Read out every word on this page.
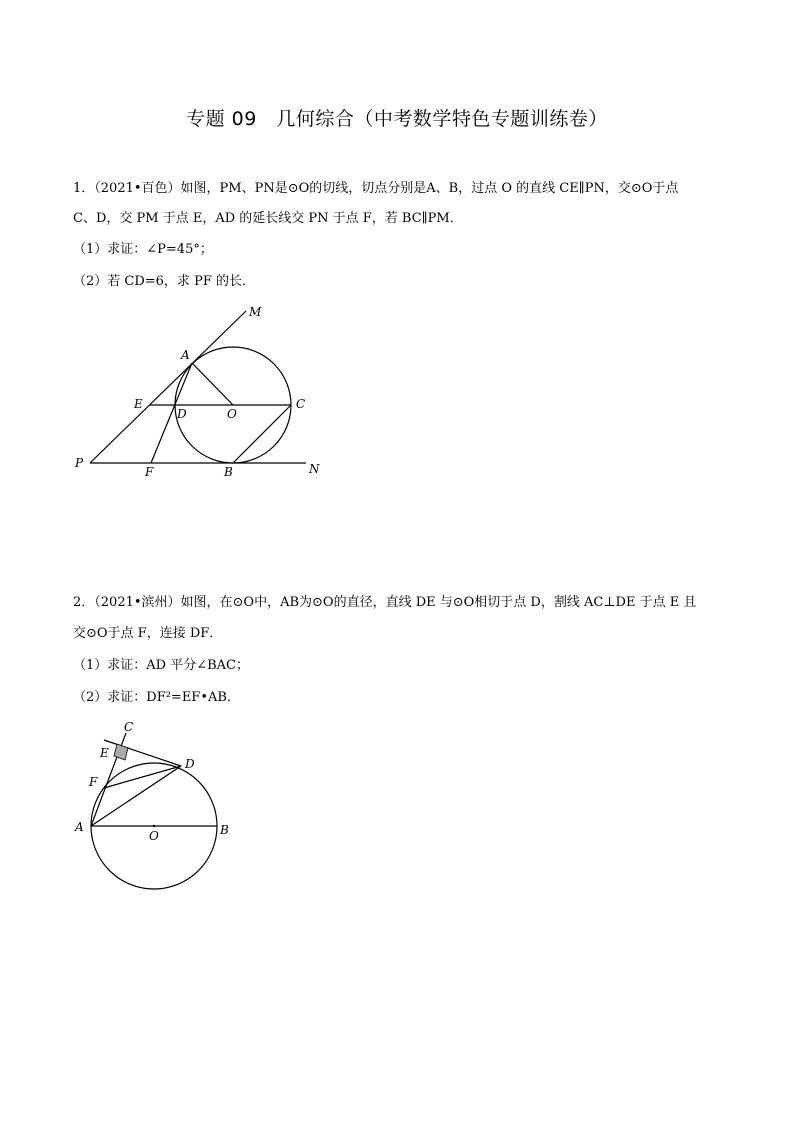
专题 09　几何综合（中考数学特色专题训练卷）
1．（2021•百色）如图，PM、PN是⊙O的切线，切点分别是A、B，过点 O 的直线 CE∥PN，交⊙O于点
C、D，交 PM 于点 E，AD 的延长线交 PN 于点 F，若 BC∥PM．
（1）求证：∠P=45°；
（2）若 CD=6，求 PF 的长．
M
A
E
D	O
C
P
F	B	N
2．（2021•滨州）如图，在⊙O中，AB为⊙O的直径，直线 DE 与⊙O相切于点 D，割线 AC⊥DE 于点 E 且
交⊙O于点 F，连接 DF．
（1）求证：AD 平分∠BAC；
（2）求证：DF²=EF•AB．
C
E
D
F
A
O	B
